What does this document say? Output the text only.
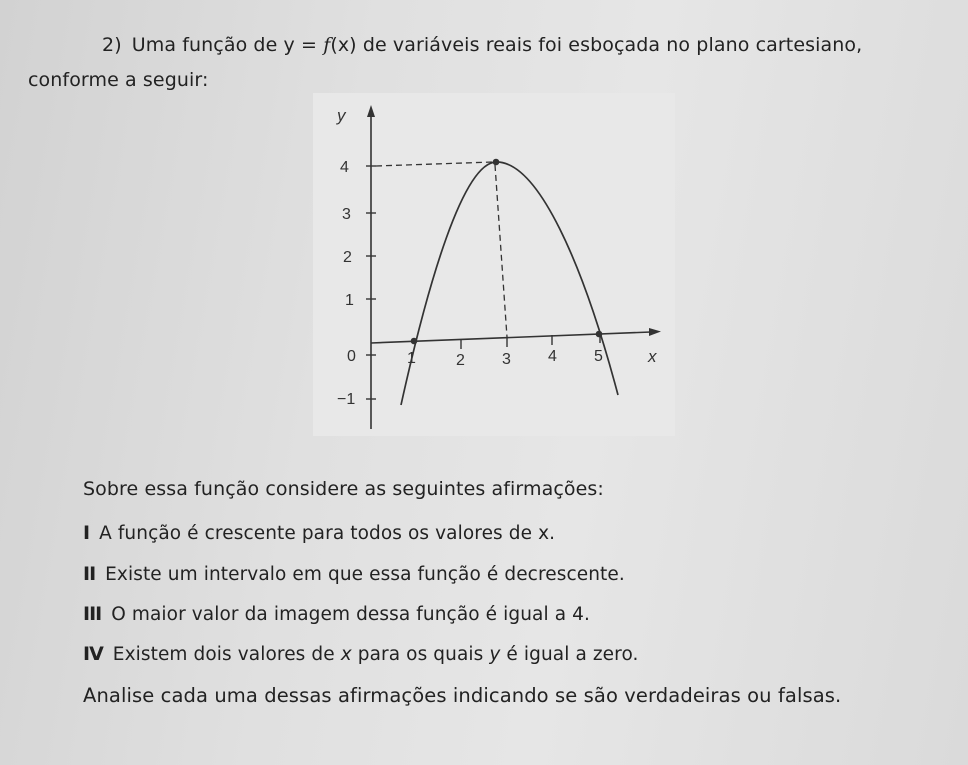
2) Uma função de y = f(x) de variáveis reais foi esboçada no plano cartesiano,
conforme a seguir:
y
x
4
3
2
1
0
−1
1	2 3 4 5
Sobre essa função considere as seguintes afirmações:
I A função é crescente para todos os valores de x.
II Existe um intervalo em que essa função é decrescente.
III O maior valor da imagem dessa função é igual a 4.
IV Existem dois valores de x para os quais y é igual a zero.
Analise cada uma dessas afirmações indicando se são verdadeiras ou falsas.
